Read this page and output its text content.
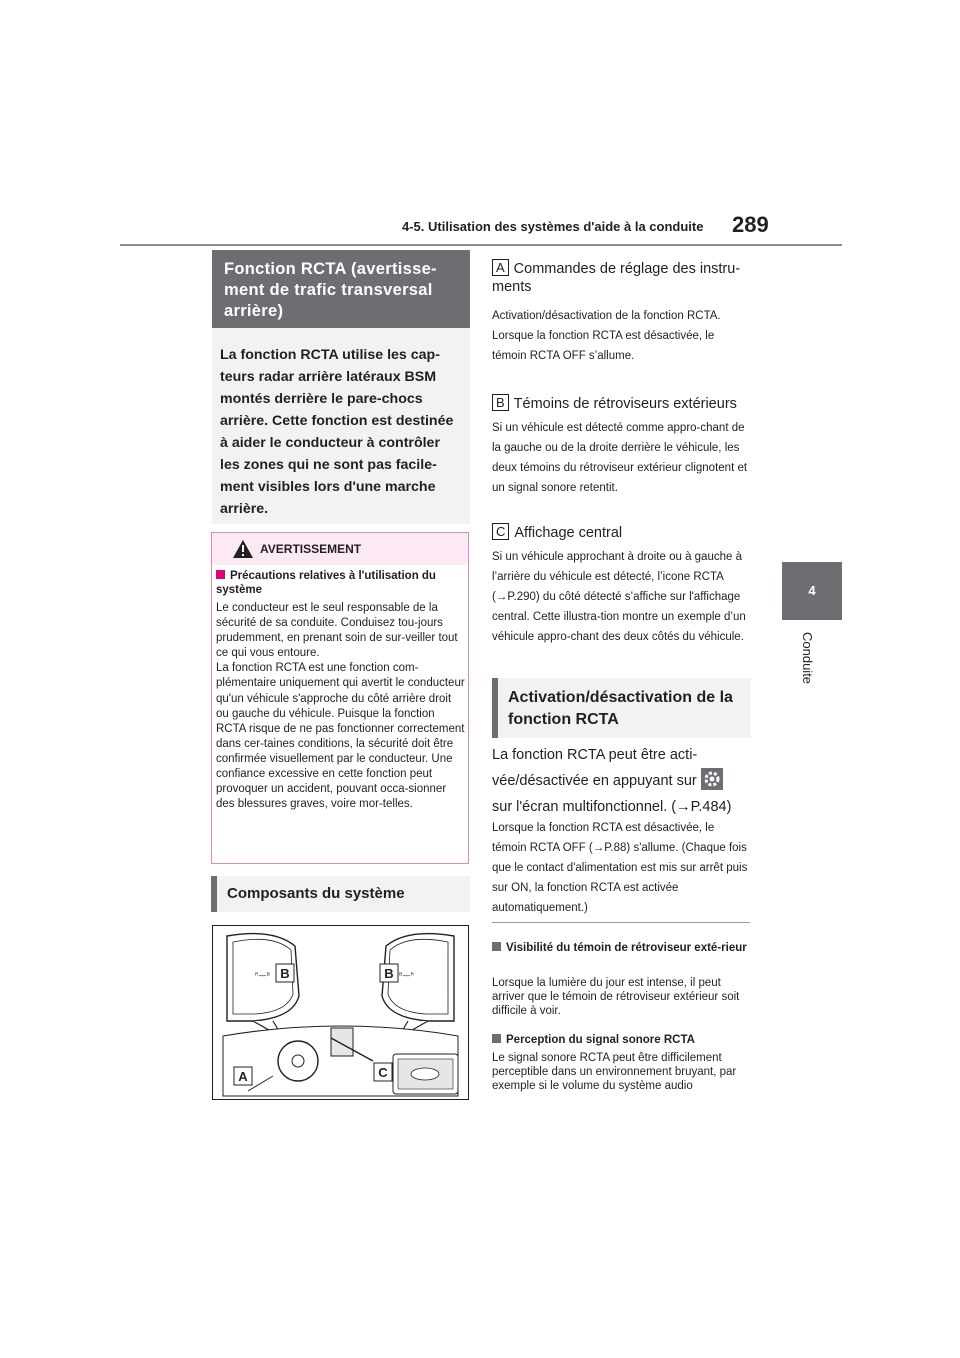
4-5. Utilisation des systèmes d'aide à la conduite 289
4
Conduite
Fonction RCTA (avertisse-ment de trafic transversal arrière)
La fonction RCTA utilise les cap-teurs radar arrière latéraux BSM montés derrière le pare-chocs arrière. Cette fonction est destinée à aider le conducteur à contrôler les zones qui ne sont pas facile-ment visibles lors d'une marche arrière.
AVERTISSEMENT
Précautions relatives à l'utilisation du système
Le conducteur est le seul responsable de la sécurité de sa conduite. Conduisez tou-jours prudemment, en prenant soin de sur-veiller tout ce qui vous entoure.
La fonction RCTA est une fonction com-plémentaire uniquement qui avertit le conducteur qu'un véhicule s'approche du côté arrière droit ou gauche du véhicule. Puisque la fonction RCTA risque de ne pas fonctionner correctement dans cer-taines conditions, la sécurité doit être confirmée visuellement par le conducteur. Une confiance excessive en cette fonction peut provoquer un accident, pouvant occa-sionner des blessures graves, voire mor-telles.
Composants du système
ᴿ—ᴮ	ᴮ—ᴿ
B	B
A	C
A Commandes de réglage des instru-ments
Activation/désactivation de la fonction RCTA.
Lorsque la fonction RCTA est désactivée, le témoin RCTA OFF s’allume.
B Témoins de rétroviseurs extérieurs
Si un véhicule est détecté comme appro-chant de la gauche ou de la droite derrière le véhicule, les deux témoins du rétroviseur extérieur clignotent et un signal sonore retentit.
C Affichage central
Si un véhicule approchant à droite ou à gauche à l’arrière du véhicule est détecté, l’icone RCTA (→P.290) du côté détecté s’affiche sur l'affichage central. Cette illustra-tion montre un exemple d’un véhicule appro-chant des deux côtés du véhicule.
Activation/désactivation de la fonction RCTA
La fonction RCTA peut être acti-vée/désactivée en appuyant sur
sur l'écran multifonctionnel. (→P.484)
Lorsque la fonction RCTA est désactivée, le témoin RCTA OFF (→P.88) s'allume. (Chaque fois que le contact d'alimentation est mis sur arrêt puis sur ON, la fonction RCTA est activée automatiquement.)
Visibilité du témoin de rétroviseur exté-rieur
Lorsque la lumière du jour est intense, il peut arriver que le témoin de rétroviseur extérieur soit difficile à voir.
Perception du signal sonore RCTA
Le signal sonore RCTA peut être difficilement perceptible dans un environnement bruyant, par exemple si le volume du système audio
